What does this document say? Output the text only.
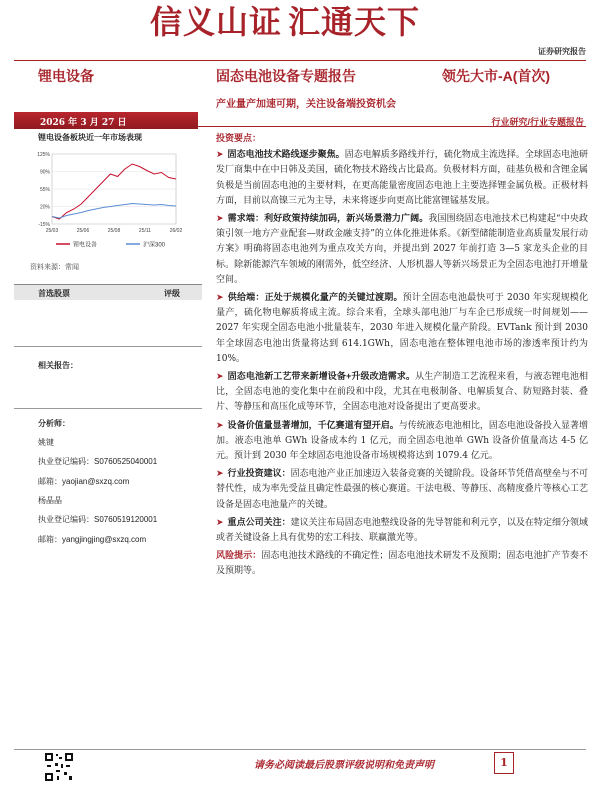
信义山证 汇通天下
证券研究报告
锂电设备	固态电池设备专题报告	领先大市-A(首次)
产业量产加速可期，关注设备端投资机会
2026 年 3 月 27 日	行业研究/行业专题报告
锂电设备板块近一年市场表现
125%
90%
55%
20%
-15%
25/03	25/06	25/08	25/11	26/02
锂电设备	沪深300
资料来源：常闻
首选股票	评级
相关报告：
分析师：
姚键
执业登记编码：S0760525040001
邮箱：yaojian@sxzq.com
杨晶晶
执业登记编码：S0760519120001
邮箱：yangjingjing@sxzq.com

投资要点：

➤ 固态电池技术路线逐步聚焦。固态电解质多路线并行，硫化物成主流选择。全球固态电池研发厂商集中在中日韩及美国，硫化物技术路线占比最高。负极材料方面，硅基负极和含锂金属负极是当前固态电池的主要材料，在更高能量密度固态电池上主要选择锂金属负极。正极材料方面，目前以高镍三元为主导，未来将逐步向更高比能富锂锰基发展。

➤ 需求端：利好政策持续加码，新兴场景潜力广阔。我国围绕固态电池技术已构建起“中央政策引领一地方产业配套—财政金融支持”的立体化推进体系。《新型储能制造业高质量发展行动方案》明确将固态电池列为重点攻关方向，并提出到 2027 年前打造 3—5 家龙头企业的目标。除新能源汽车领域的刚需外，低空经济、人形机器人等新兴场景正为全固态电池打开增量空间。

➤ 供给端：正处于规模化量产的关键过渡期。预计全固态电池最快可于 2030 年实现规模化量产，硫化物电解质将成主流。综合来看，全球头部电池厂与车企已形成统一时间规划——2027 年实现全固态电池小批量装车，2030 年进入规模化量产阶段。EVTank 预计到 2030 年全球固态电池出货量将达到 614.1GWh，固态电池在整体锂电池市场的渗透率预计约为 10%。

➤ 固态电池新工艺带来新增设备+升级改造需求。从生产制造工艺流程来看，与液态锂电池相比，全固态电池的变化集中在前段和中段，尤其在电极制备、电解质复合、防短路封装、叠片、等静压和高压化成等环节，全固态电池对设备提出了更高要求。

➤ 设备价值量显著增加，千亿赛道有望开启。与传统液态电池相比，固态电池设备投入显著增加。液态电池单 GWh 设备成本约 1 亿元，而全固态电池单 GWh 设备价值量高达 4-5 亿元。预计到 2030 年全球固态电池设备市场规模将达到 1079.4 亿元。

➤ 行业投资建议：固态电池产业正加速迈入装备竞赛的关键阶段。设备环节凭借高壁垒与不可替代性，成为率先受益且确定性最强的核心赛道。干法电极、等静压、高精度叠片等核心工艺设备是固态电池量产的关键。

➤ 重点公司关注：建议关注布局固态电池整线设备的先导智能和利元亨，以及在特定细分领域或者关键设备上具有优势的宏工科技、联赢激光等。

风险提示：固态电池技术路线的不确定性；固态电池技术研发不及预期；固态电池扩产节奏不及预期等。

请务必阅读最后股票评级说明和免责声明	1
